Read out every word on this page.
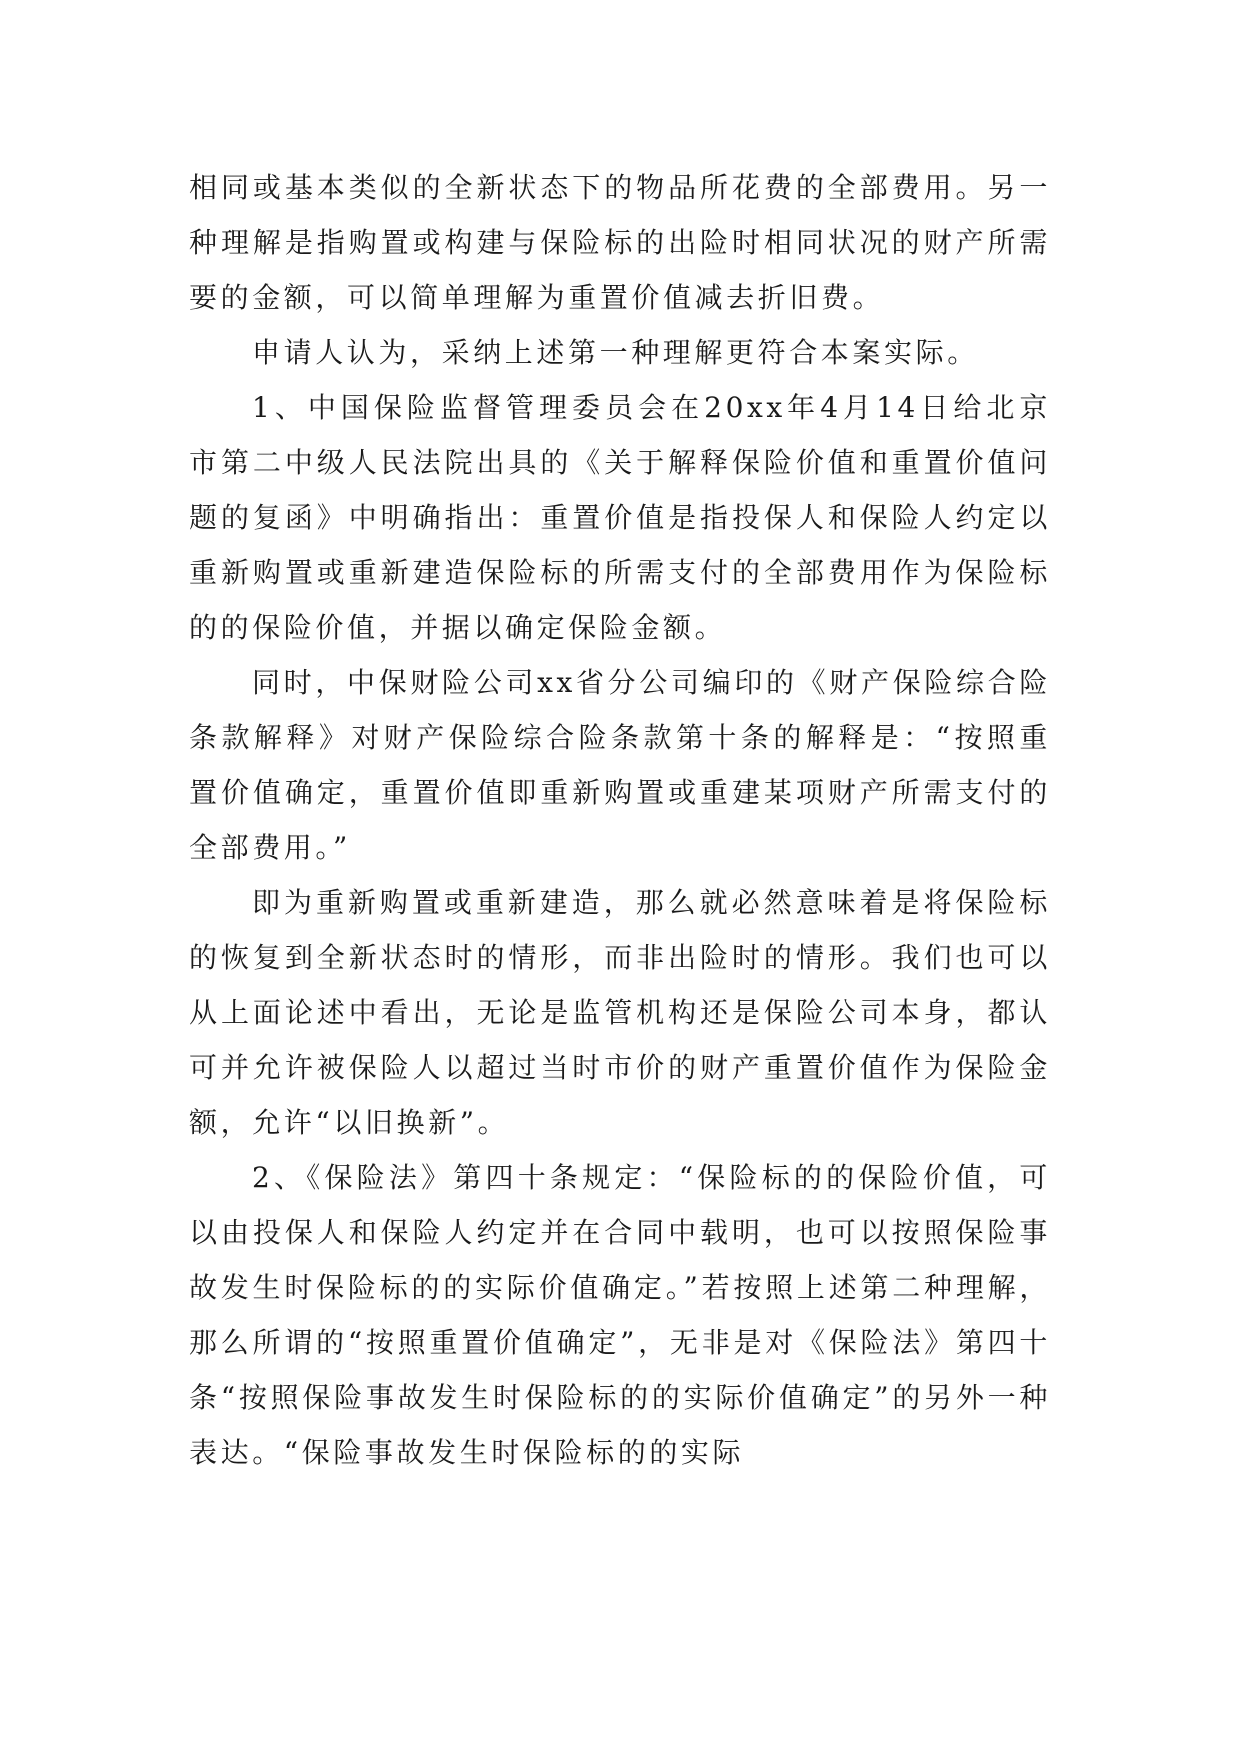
相同或基本类似的全新状态下的物品所花费的全部费用。另一种理解是指购置或构建与保险标的出险时相同状况的财产所需要的金额，可以简单理解为重置价值减去折旧费。

申请人认为，采纳上述第一种理解更符合本案实际。

1、中国保险监督管理委员会在20xx年4月14日给北京市第二中级人民法院出具的《关于解释保险价值和重置价值问题的复函》中明确指出：重置价值是指投保人和保险人约定以重新购置或重新建造保险标的所需支付的全部费用作为保险标的的保险价值，并据以确定保险金额。

同时，中保财险公司xx省分公司编印的《财产保险综合险条款解释》对财产保险综合险条款第十条的解释是：“按照重置价值确定，重置价值即重新购置或重建某项财产所需支付的全部费用。”

即为重新购置或重新建造，那么就必然意味着是将保险标的恢复到全新状态时的情形，而非出险时的情形。我们也可以从上面论述中看出，无论是监管机构还是保险公司本身，都认可并允许被保险人以超过当时市价的财产重置价值作为保险金额，允许“以旧换新”。

2、《保险法》第四十条规定：“保险标的的保险价值，可以由投保人和保险人约定并在合同中载明，也可以按照保险事故发生时保险标的的实际价值确定。”若按照上述第二种理解，那么所谓的“按照重置价值确定”，无非是对《保险法》第四十条“按照保险事故发生时保险标的的实际价值确定”的另外一种表达。“保险事故发生时保险标的的实际
